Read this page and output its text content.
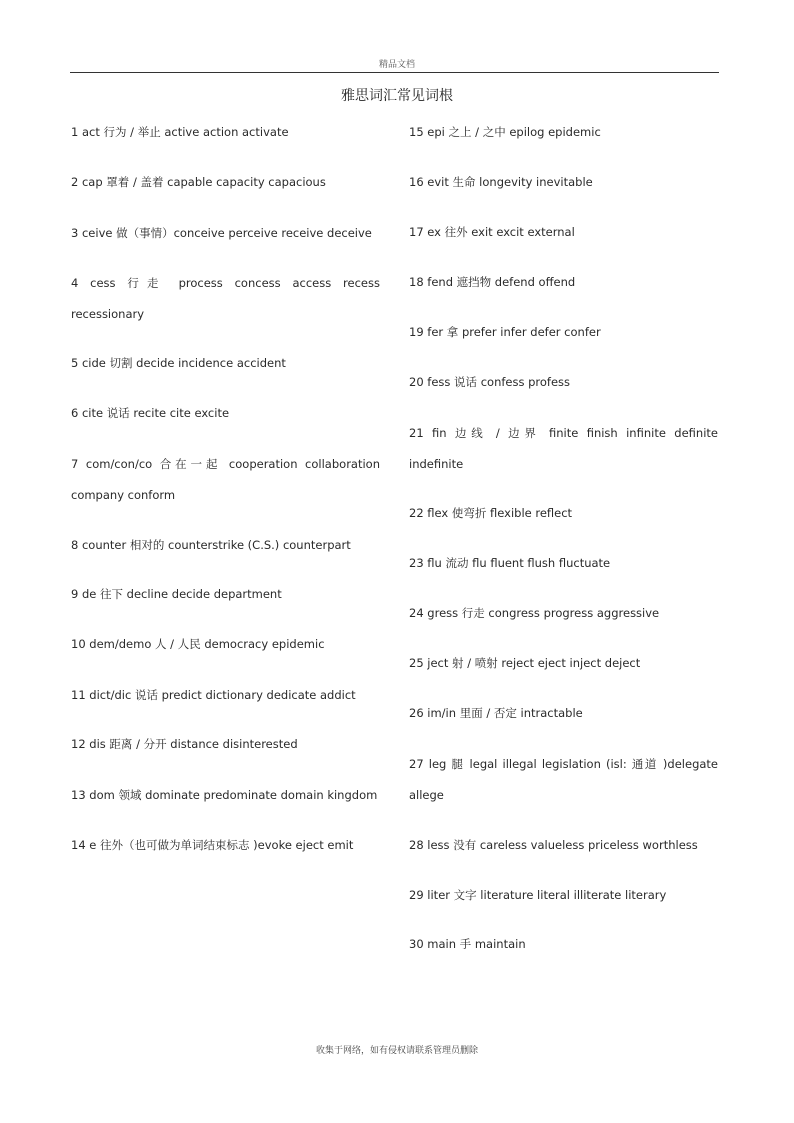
精品文档
雅思词汇常见词根
1 act 行为 / 举止 active action activate
2 cap 罩着 / 盖着 capable capacity capacious
3 ceive 做（事情）conceive perceive receive deceive
4 cess 行走 process concess access recess recessionary
5 cide 切割 decide incidence accident
6 cite 说话 recite cite excite
7 com/con/co 合在一起 cooperation collaboration company conform
8 counter 相对的 counterstrike (C.S.) counterpart
9 de 往下 decline decide department
10 dem/demo 人 / 人民 democracy epidemic
11 dict/dic 说话 predict dictionary dedicate addict
12 dis 距离 / 分开 distance disinterested
13 dom 领域 dominate predominate domain kingdom
14 e 往外（也可做为单词结束标志 )evoke eject emit
15 epi 之上 / 之中 epilog epidemic
16 evit 生命 longevity inevitable
17 ex 往外 exit excit external
18 fend 遮挡物 defend offend
19 fer 拿 prefer infer defer confer
20 fess 说话 confess profess
21 fin 边线 / 边界 finite finish infinite definite indefinite
22 flex 使弯折 flexible reflect
23 flu 流动 flu fluent flush fluctuate
24 gress 行走 congress progress aggressive
25 ject 射 / 喷射 reject eject inject deject
26 im/in 里面 / 否定 intractable
27 leg 腿 legal illegal legislation (isl: 通道 )delegate allege
28 less 没有 careless valueless priceless worthless
29 liter 文字 literature literal illiterate literary
30 main 手 maintain
收集于网络，如有侵权请联系管理员删除
